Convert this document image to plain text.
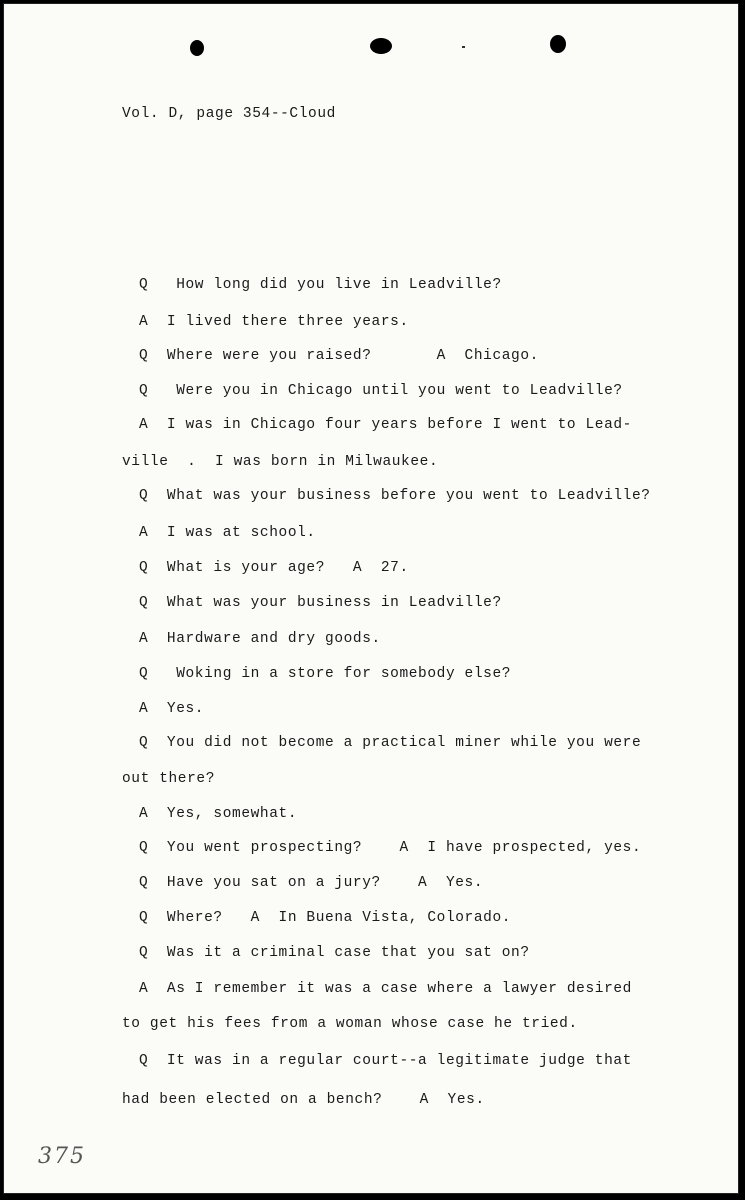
Vol. D, page 354--Cloud
Q   How long did you live in Leadville?
A  I lived there three years.
Q  Where were you raised?       A  Chicago.
Q   Were you in Chicago until you went to Leadville?
A  I was in Chicago four years before I went to Lead-
ville  .  I was born in Milwaukee.
Q  What was your business before you went to Leadville?
A  I was at school.
Q  What is your age?   A  27.
Q  What was your business in Leadville?
A  Hardware and dry goods.
Q   Woking in a store for somebody else?
A  Yes.
Q  You did not become a practical miner while you were
out there?
A  Yes, somewhat.
Q  You went prospecting?    A  I have prospected, yes.
Q  Have you sat on a jury?    A  Yes.
Q  Where?   A  In Buena Vista, Colorado.
Q  Was it a criminal case that you sat on?
A  As I remember it was a case where a lawyer desired
to get his fees from a woman whose case he tried.
Q  It was in a regular court--a legitimate judge that
had been elected on a bench?    A  Yes.
375
